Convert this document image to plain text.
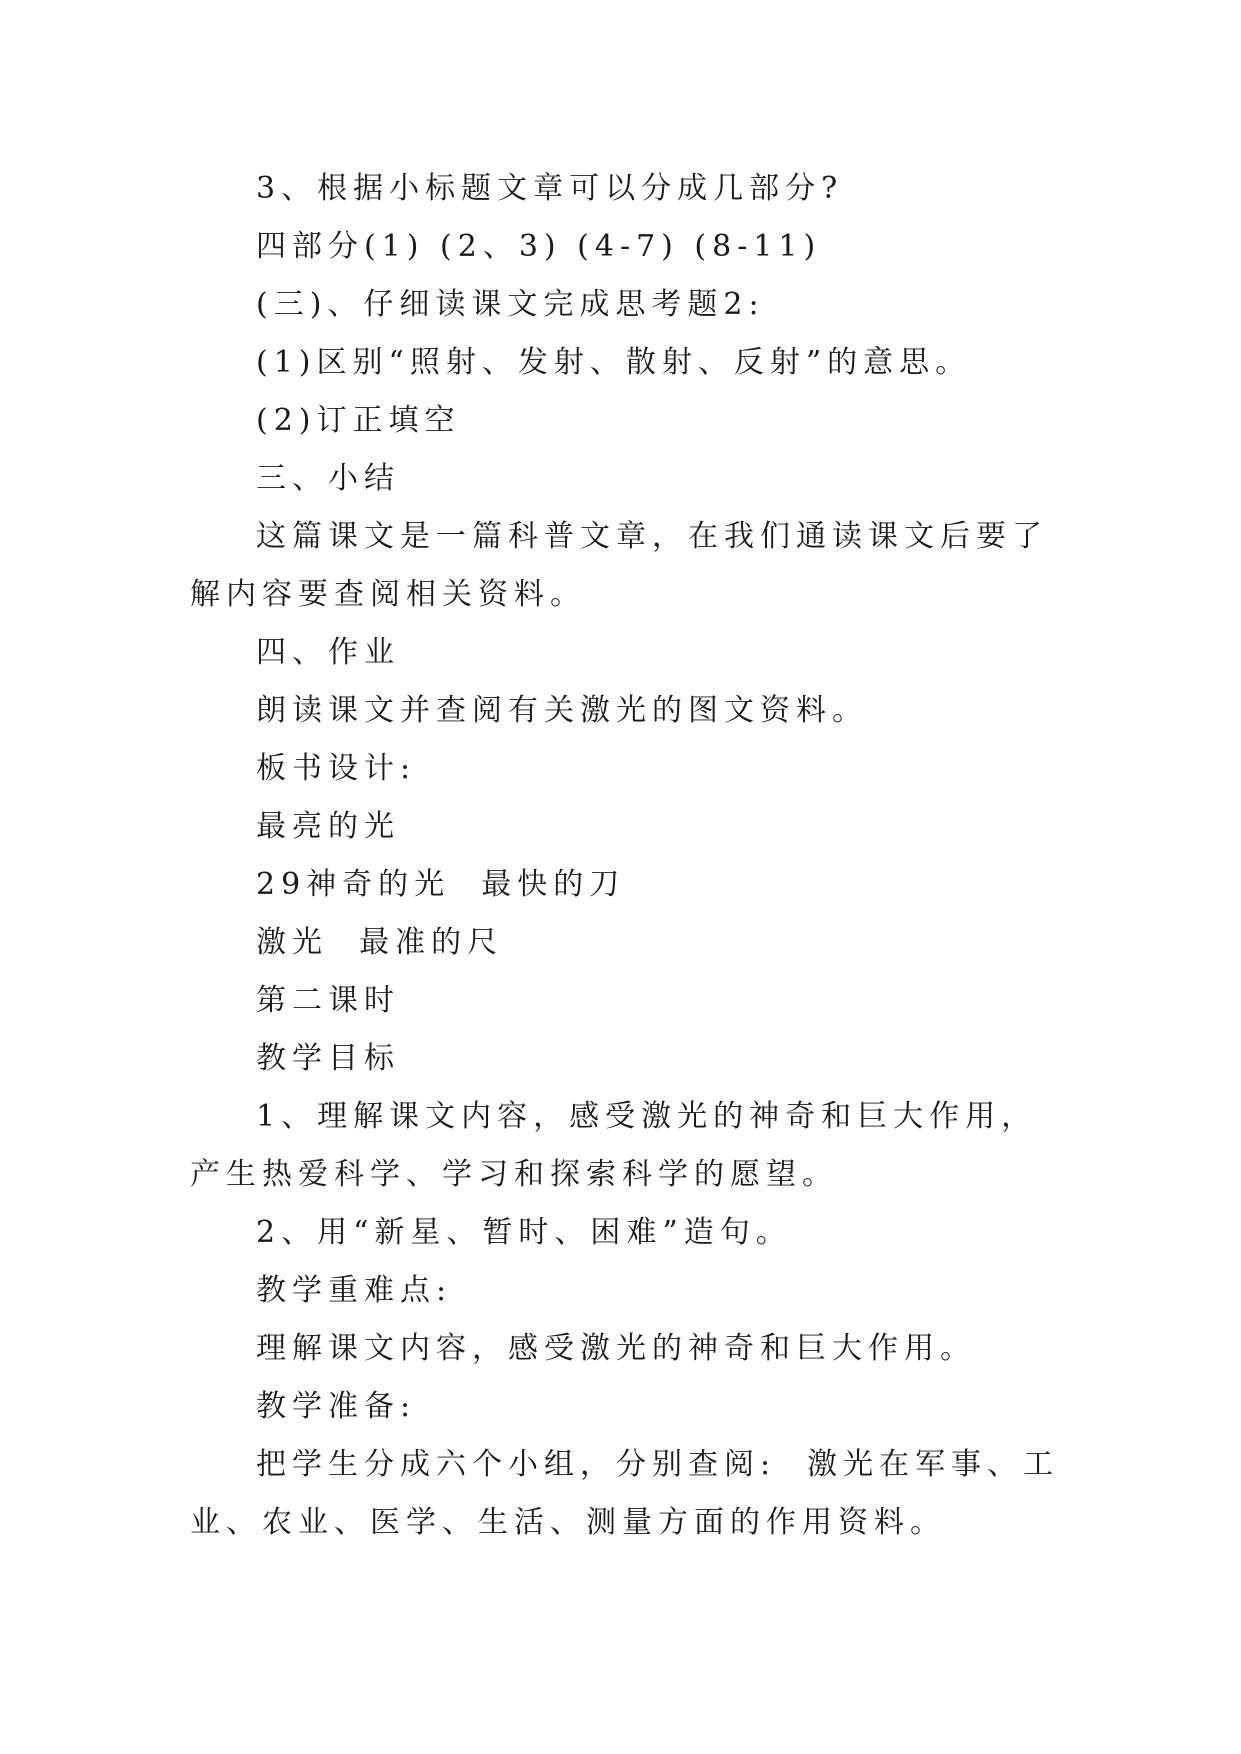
3、根据小标题文章可以分成几部分?

四部分(1) (2、3) (4-7) (8-11)

(三)、仔细读课文完成思考题2:

(1)区别“照射、发射、散射、反射”的意思。

(2)订正填空

三、小结

这篇课文是一篇科普文章，在我们通读课文后要了解内容要查阅相关资料。

四、作业

朗读课文并查阅有关激光的图文资料。

板书设计:

最亮的光

29神奇的光  最快的刀

激光  最准的尺

第二课时

教学目标

1、理解课文内容，感受激光的神奇和巨大作用，产生热爱科学、学习和探索科学的愿望。

2、用“新星、暂时、困难”造句。

教学重难点:

理解课文内容，感受激光的神奇和巨大作用。

教学准备:

把学生分成六个小组，分别查阅:  激光在军事、工业、农业、医学、生活、测量方面的作用资料。
